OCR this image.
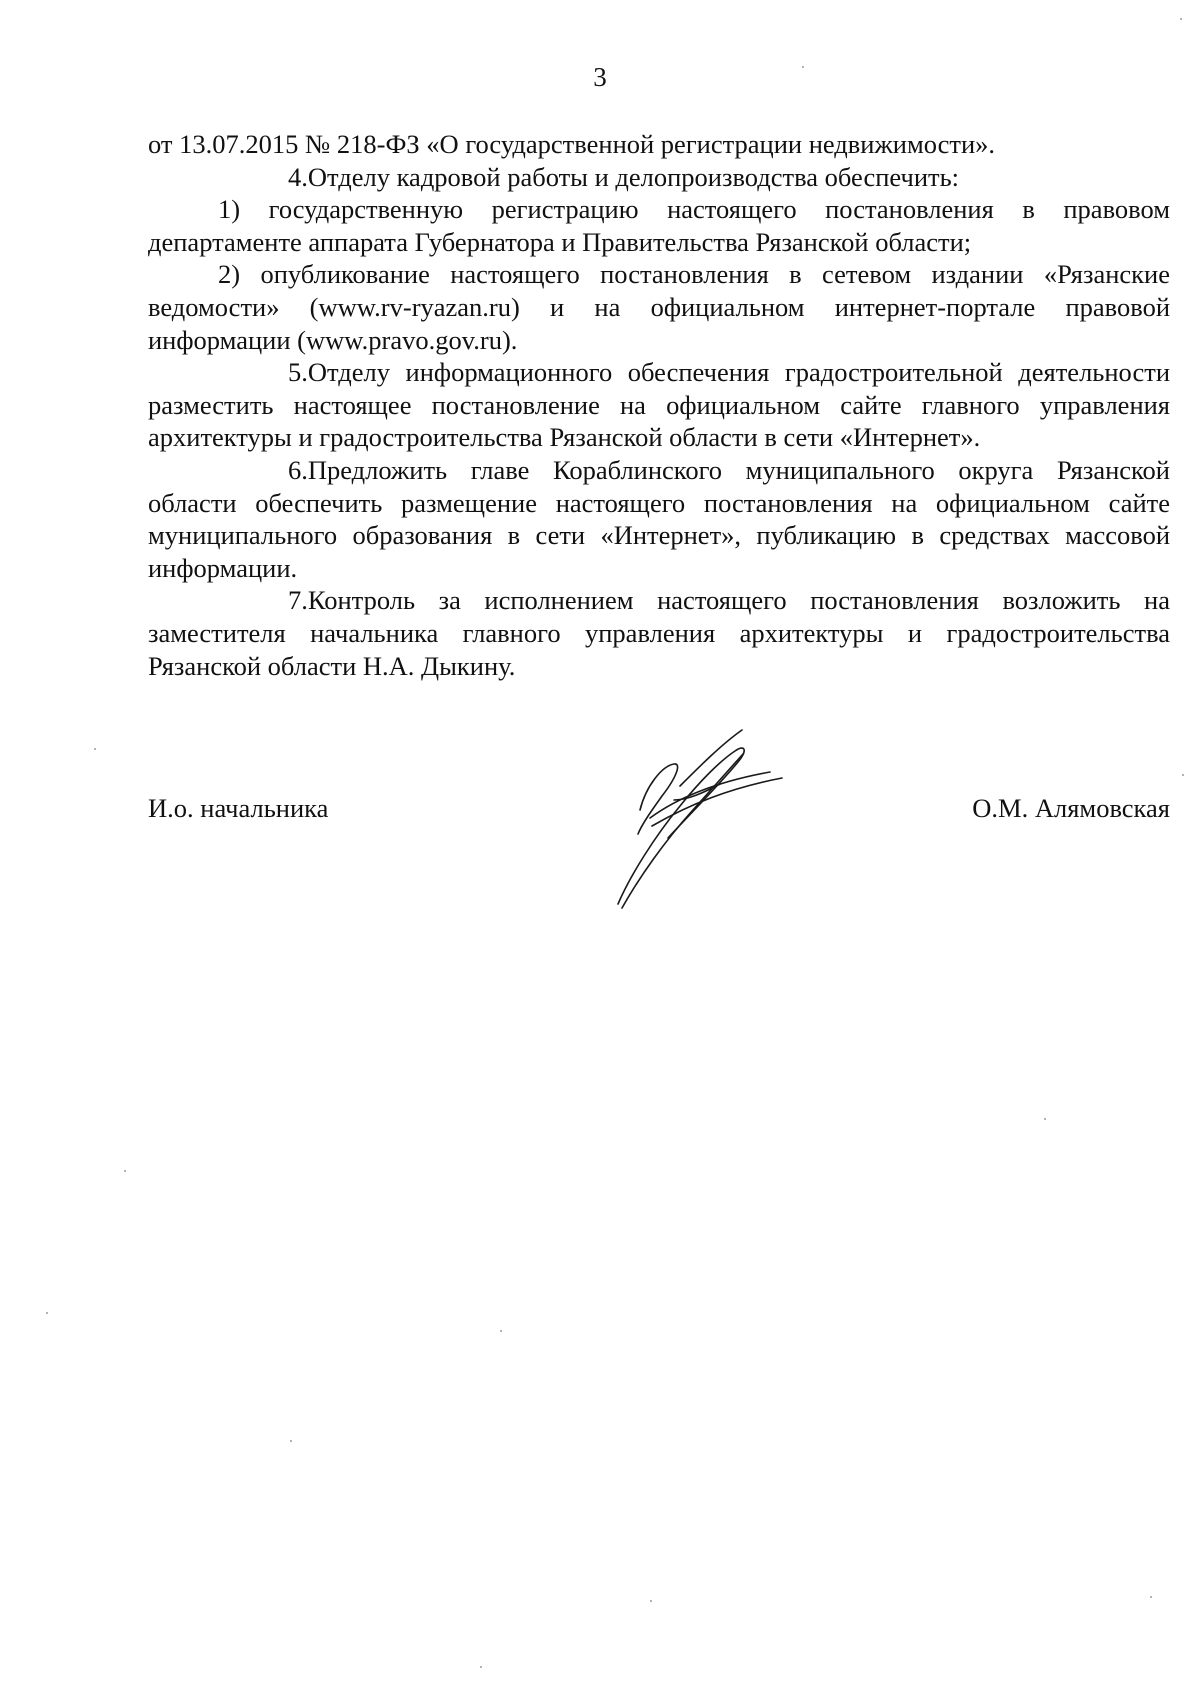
3

от 13.07.2015 № 218-ФЗ «О государственной регистрации недвижимости».

4.Отделу кадровой работы и делопроизводства обеспечить:

1) государственную регистрацию настоящего постановления в правовом департаменте аппарата Губернатора и Правительства Рязанской области;

2) опубликование настоящего постановления в сетевом издании «Рязанские ведомости» (www.rv-ryazan.ru) и на официальном интернет-портале правовой информации (www.pravo.gov.ru).

5.Отделу информационного обеспечения градостроительной деятельности разместить настоящее постановление на официальном сайте главного управления архитектуры и градостроительства Рязанской области в сети «Интернет».

6.Предложить главе Кораблинского муниципального округа Рязанской области обеспечить размещение настоящего постановления на официальном сайте муниципального образования в сети «Интернет», публикацию в средствах массовой информации.

7.Контроль за исполнением настоящего постановления возложить на заместителя начальника главного управления архитектуры и градостроительства Рязанской области Н.А. Дыкину.

И.о. начальника	О.М. Алямовская
